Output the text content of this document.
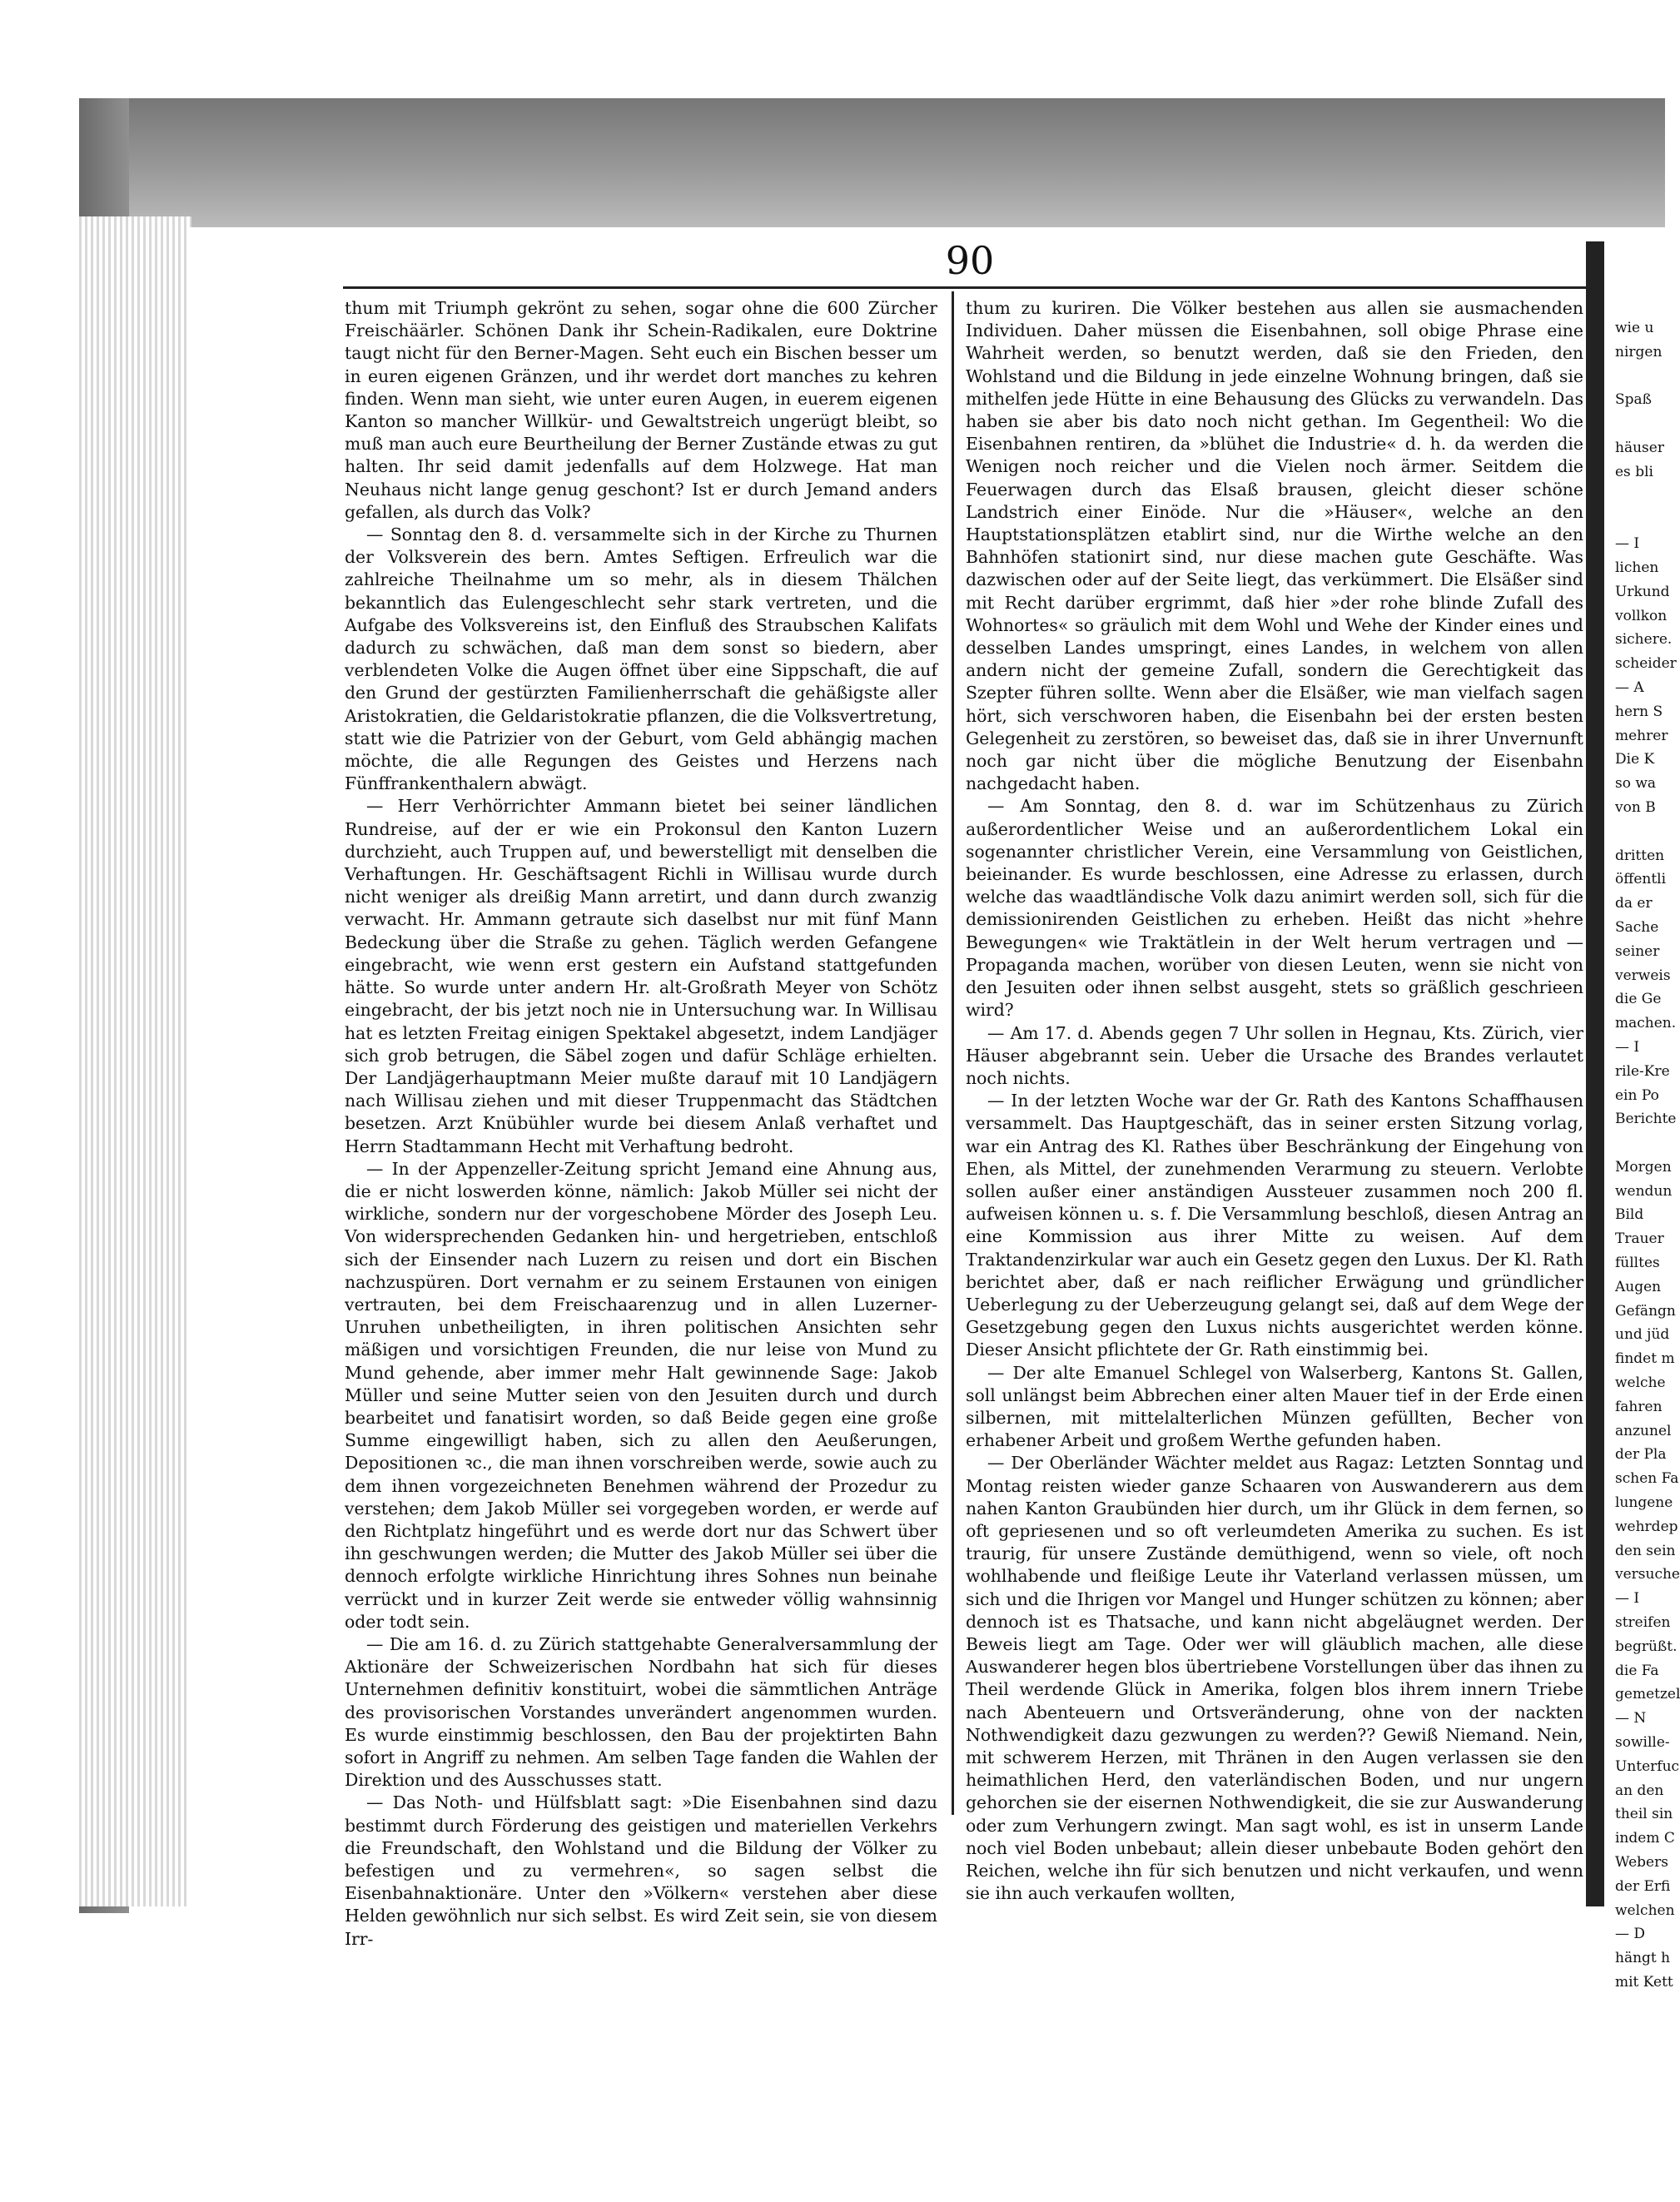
90

thum mit Triumph gekrönt zu sehen, sogar ohne die 600 Zürcher Freischäärler. Schönen Dank ihr Schein-Radikalen, eure Doktrine taugt nicht für den Berner-Magen. Seht euch ein Bischen besser um in euren eigenen Gränzen, und ihr werdet dort manches zu kehren finden. Wenn man sieht, wie unter euren Augen, in euerem eigenen Kanton so mancher Willkür- und Gewaltstreich ungerügt bleibt, so muß man auch eure Beurtheilung der Berner Zustände etwas zu gut halten. Ihr seid damit jedenfalls auf dem Holzwege. Hat man Neuhaus nicht lange genug geschont? Ist er durch Jemand anders gefallen, als durch das Volk?

— Sonntag den 8. d. versammelte sich in der Kirche zu Thurnen der Volksverein des bern. Amtes Seftigen. Erfreulich war die zahlreiche Theilnahme um so mehr, als in diesem Thälchen bekanntlich das Eulengeschlecht sehr stark vertreten, und die Aufgabe des Volksvereins ist, den Einfluß des Straubschen Kalifats dadurch zu schwächen, daß man dem sonst so biedern, aber verblendeten Volke die Augen öffnet über eine Sippschaft, die auf den Grund der gestürzten Familienherrschaft die gehäßigste aller Aristokratien, die Geldaristokratie pflanzen, die die Volksvertretung, statt wie die Patrizier von der Geburt, vom Geld abhängig machen möchte, die alle Regungen des Geistes und Herzens nach Fünffrankenthalern abwägt.

— Herr Verhörrichter Ammann bietet bei seiner ländlichen Rundreise, auf der er wie ein Prokonsul den Kanton Luzern durchzieht, auch Truppen auf, und bewerstelligt mit denselben die Verhaftungen. Hr. Geschäftsagent Richli in Willisau wurde durch nicht weniger als dreißig Mann arretirt, und dann durch zwanzig verwacht. Hr. Ammann getraute sich daselbst nur mit fünf Mann Bedeckung über die Straße zu gehen. Täglich werden Gefangene eingebracht, wie wenn erst gestern ein Aufstand stattgefunden hätte. So wurde unter andern Hr. alt-Großrath Meyer von Schötz eingebracht, der bis jetzt noch nie in Untersuchung war. In Willisau hat es letzten Freitag einigen Spektakel abgesetzt, indem Landjäger sich grob betrugen, die Säbel zogen und dafür Schläge erhielten. Der Landjägerhauptmann Meier mußte darauf mit 10 Landjägern nach Willisau ziehen und mit dieser Truppenmacht das Städtchen besetzen. Arzt Knübühler wurde bei diesem Anlaß verhaftet und Herrn Stadtammann Hecht mit Verhaftung bedroht.

— In der Appenzeller-Zeitung spricht Jemand eine Ahnung aus, die er nicht loswerden könne, nämlich: Jakob Müller sei nicht der wirkliche, sondern nur der vorgeschobene Mörder des Joseph Leu. Von widersprechenden Gedanken hin- und hergetrieben, entschloß sich der Einsender nach Luzern zu reisen und dort ein Bischen nachzuspüren. Dort vernahm er zu seinem Erstaunen von einigen vertrauten, bei dem Freischaarenzug und in allen Luzerner-Unruhen unbetheiligten, in ihren politischen Ansichten sehr mäßigen und vorsichtigen Freunden, die nur leise von Mund zu Mund gehende, aber immer mehr Halt gewinnende Sage: Jakob Müller und seine Mutter seien von den Jesuiten durch und durch bearbeitet und fanatisirt worden, so daß Beide gegen eine große Summe eingewilligt haben, sich zu allen den Aeußerungen, Depositionen ꝛc., die man ihnen vorschreiben werde, sowie auch zu dem ihnen vorgezeichneten Benehmen während der Prozedur zu verstehen; dem Jakob Müller sei vorgegeben worden, er werde auf den Richtplatz hingeführt und es werde dort nur das Schwert über ihn geschwungen werden; die Mutter des Jakob Müller sei über die dennoch erfolgte wirkliche Hinrichtung ihres Sohnes nun beinahe verrückt und in kurzer Zeit werde sie entweder völlig wahnsinnig oder todt sein.

— Die am 16. d. zu Zürich stattgehabte Generalversammlung der Aktionäre der Schweizerischen Nordbahn hat sich für dieses Unternehmen definitiv konstituirt, wobei die sämmtlichen Anträge des provisorischen Vorstandes unverändert angenommen wurden. Es wurde einstimmig beschlossen, den Bau der projektirten Bahn sofort in Angriff zu nehmen. Am selben Tage fanden die Wahlen der Direktion und des Ausschusses statt.

— Das Noth- und Hülfsblatt sagt: »Die Eisenbahnen sind dazu bestimmt durch Förderung des geistigen und materiellen Verkehrs die Freundschaft, den Wohlstand und die Bildung der Völker zu befestigen und zu vermehren«, so sagen selbst die Eisenbahnaktionäre. Unter den »Völkern« verstehen aber diese Helden gewöhnlich nur sich selbst. Es wird Zeit sein, sie von diesem Irr-

thum zu kuriren. Die Völker bestehen aus allen sie ausmachenden Individuen. Daher müssen die Eisenbahnen, soll obige Phrase eine Wahrheit werden, so benutzt werden, daß sie den Frieden, den Wohlstand und die Bildung in jede einzelne Wohnung bringen, daß sie mithelfen jede Hütte in eine Behausung des Glücks zu verwandeln. Das haben sie aber bis dato noch nicht gethan. Im Gegentheil: Wo die Eisenbahnen rentiren, da »blühet die Industrie« d. h. da werden die Wenigen noch reicher und die Vielen noch ärmer. Seitdem die Feuerwagen durch das Elsaß brausen, gleicht dieser schöne Landstrich einer Einöde. Nur die »Häuser«, welche an den Hauptstationsplätzen etablirt sind, nur die Wirthe welche an den Bahnhöfen stationirt sind, nur diese machen gute Geschäfte. Was dazwischen oder auf der Seite liegt, das verkümmert. Die Elsäßer sind mit Recht darüber ergrimmt, daß hier »der rohe blinde Zufall des Wohnortes« so gräulich mit dem Wohl und Wehe der Kinder eines und desselben Landes umspringt, eines Landes, in welchem von allen andern nicht der gemeine Zufall, sondern die Gerechtigkeit das Szepter führen sollte. Wenn aber die Elsäßer, wie man vielfach sagen hört, sich verschworen haben, die Eisenbahn bei der ersten besten Gelegenheit zu zerstören, so beweiset das, daß sie in ihrer Unvernunft noch gar nicht über die mögliche Benutzung der Eisenbahn nachgedacht haben.

— Am Sonntag, den 8. d. war im Schützenhaus zu Zürich außerordentlicher Weise und an außerordentlichem Lokal ein sogenannter christlicher Verein, eine Versammlung von Geistlichen, beieinander. Es wurde beschlossen, eine Adresse zu erlassen, durch welche das waadtländische Volk dazu animirt werden soll, sich für die demissionirenden Geistlichen zu erheben. Heißt das nicht »hehre Bewegungen« wie Traktätlein in der Welt herum vertragen und — Propaganda machen, worüber von diesen Leuten, wenn sie nicht von den Jesuiten oder ihnen selbst ausgeht, stets so gräßlich geschrieen wird?

— Am 17. d. Abends gegen 7 Uhr sollen in Hegnau, Kts. Zürich, vier Häuser abgebrannt sein. Ueber die Ursache des Brandes verlautet noch nichts.

— In der letzten Woche war der Gr. Rath des Kantons Schaffhausen versammelt. Das Hauptgeschäft, das in seiner ersten Sitzung vorlag, war ein Antrag des Kl. Rathes über Beschränkung der Eingehung von Ehen, als Mittel, der zunehmenden Verarmung zu steuern. Verlobte sollen außer einer anständigen Aussteuer zusammen noch 200 fl. aufweisen können u. s. f. Die Versammlung beschloß, diesen Antrag an eine Kommission aus ihrer Mitte zu weisen. Auf dem Traktandenzirkular war auch ein Gesetz gegen den Luxus. Der Kl. Rath berichtet aber, daß er nach reiflicher Erwägung und gründlicher Ueberlegung zu der Ueberzeugung gelangt sei, daß auf dem Wege der Gesetzgebung gegen den Luxus nichts ausgerichtet werden könne. Dieser Ansicht pflichtete der Gr. Rath einstimmig bei.

— Der alte Emanuel Schlegel von Walserberg, Kantons St. Gallen, soll unlängst beim Abbrechen einer alten Mauer tief in der Erde einen silbernen, mit mittelalterlichen Münzen gefüllten, Becher von erhabener Arbeit und großem Werthe gefunden haben.

— Der Oberländer Wächter meldet aus Ragaz: Letzten Sonntag und Montag reisten wieder ganze Schaaren von Auswanderern aus dem nahen Kanton Graubünden hier durch, um ihr Glück in dem fernen, so oft gepriesenen und so oft verleumdeten Amerika zu suchen. Es ist traurig, für unsere Zustände demüthigend, wenn so viele, oft noch wohlhabende und fleißige Leute ihr Vaterland verlassen müssen, um sich und die Ihrigen vor Mangel und Hunger schützen zu können; aber dennoch ist es Thatsache, und kann nicht abgeläugnet werden. Der Beweis liegt am Tage. Oder wer will gläublich machen, alle diese Auswanderer hegen blos übertriebene Vorstellungen über das ihnen zu Theil werdende Glück in Amerika, folgen blos ihrem innern Triebe nach Abenteuern und Ortsveränderung, ohne von der nackten Nothwendigkeit dazu gezwungen zu werden?? Gewiß Niemand. Nein, mit schwerem Herzen, mit Thränen in den Augen verlassen sie den heimathlichen Herd, den vaterländischen Boden, und nur ungern gehorchen sie der eisernen Nothwendigkeit, die sie zur Auswanderung oder zum Verhungern zwingt. Man sagt wohl, es ist in unserm Lande noch viel Boden unbebaut; allein dieser unbebaute Boden gehört den Reichen, welche ihn für sich benutzen und nicht verkaufen, und wenn sie ihn auch verkaufen wollten,

wie u
nirgen
Spaß
häuser
es bli
— I
lichen
Urkund
vollkon
sichere.
scheider
— A
hern S
mehrer
Die K
so wa
von B
dritten
öffentli
da er
Sache
seiner
verweis
die Ge
machen.
— I
rile-Kre
ein Po
Berichte
Morgen
wendun
Bild
Trauer
fülltes
Augen
Gefängn
und jüd
findet m
welche
fahren
anzunel
der Pla
schen Fa
lungene
wehrdep
den sein
versuche
— I
streifen
begrüßt.
die Fa
gemetzel
— N
sowille-
Unterfuc
an den
theil sin
indem C
Webers
der Erfi
welchen
— D
hängt h
mit Kett
